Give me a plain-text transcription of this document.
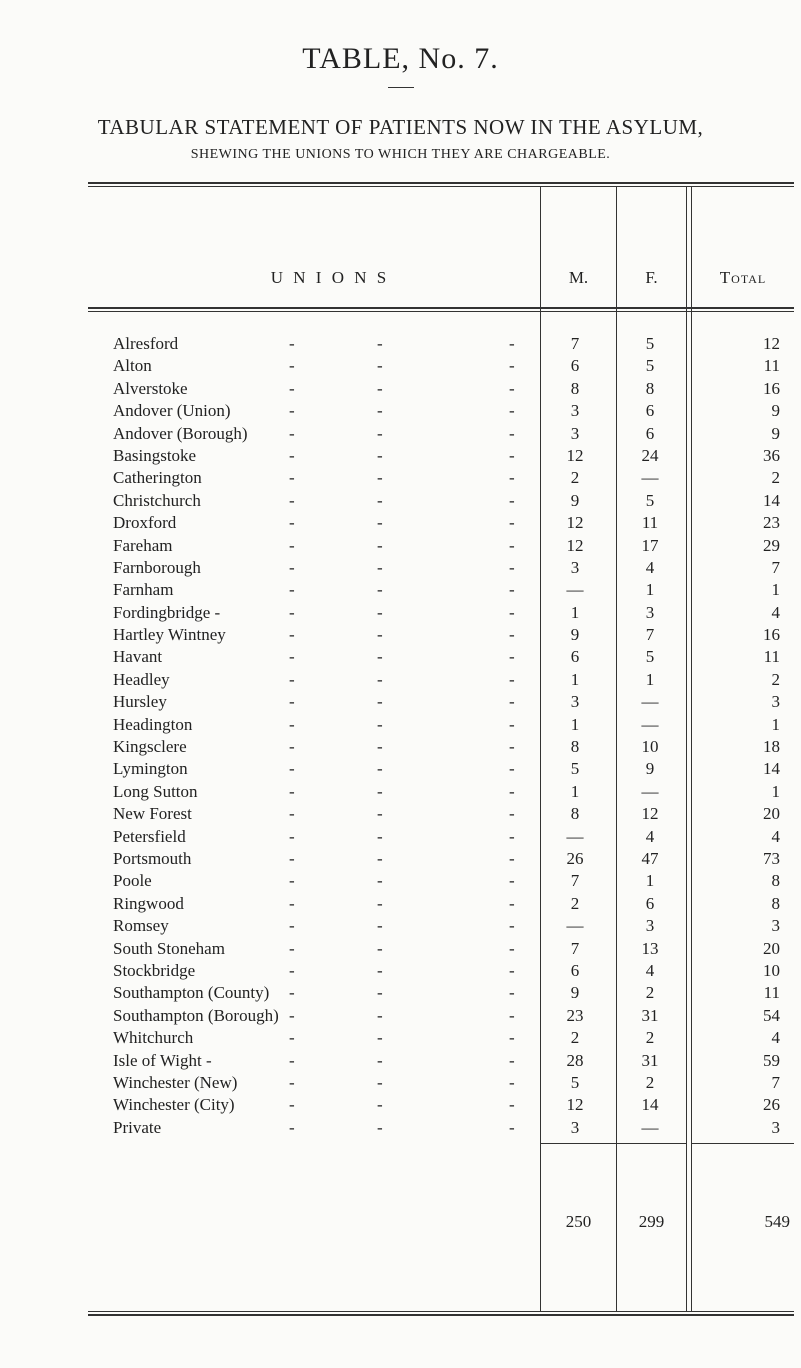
TABLE, No. 7.
TABULAR STATEMENT OF PATIENTS NOW IN THE ASYLUM,
SHEWING THE UNIONS TO WHICH THEY ARE CHARGEABLE.
U N I O N S	M.	F.	Total
Alresford	-	-	-	7	5	12
Alton	-	-	-	6	5	11
Alverstoke	-	-	-	8	8	16
Andover (Union)	-	-	-	3	6	9
Andover (Borough) -	-	-	3	6	9
Basingstoke	-	-	-	12	24	36
Catherington	-	-	-	2	—	2
Christchurch	-	-	-	9	5	14
Droxford	-	-	-	12	11	23
Fareham	-	-	-	12	17	29
Farnborough	-	-	-	3	4	7
Farnham	-	-	-	—	1	1
Fordingbridge -	-	-	-	1	3	4
Hartley Wintney	-	-	-	9	7	16
Havant	-	-	-	6	5	11
Headley	-	-	-	1	1	2
Hursley	-	-	-	3	—	3
Headington	-	-	-	1	—	1
Kingsclere	-	-	-	8	10	18
Lymington	-	-	-	5	9	14
Long Sutton	-	-	-	1	—	1
New Forest	-	-	-	8	12	20
Petersfield	-	-	-	—	4	4
Portsmouth	-	-	-	26	47	73
Poole	-	-	-	7	1	8
Ringwood	-	-	-	2	6	8
Romsey	-	-	-	—	3	3
South Stoneham	-	-	-	7	13	20
Stockbridge	-	-	-	6	4	10
Southampton (County) -	-	-	9	2	11
Southampton (Borough) -	-	-	23	31	54
Whitchurch	-	-	-	2	2	4
Isle of Wight -	-	-	-	28	31	59
Winchester (New)	-	-	-	5	2	7
Winchester (City)	-	-	-	12	14	26
Private	-	-	-	3	—	3
250	299	549
